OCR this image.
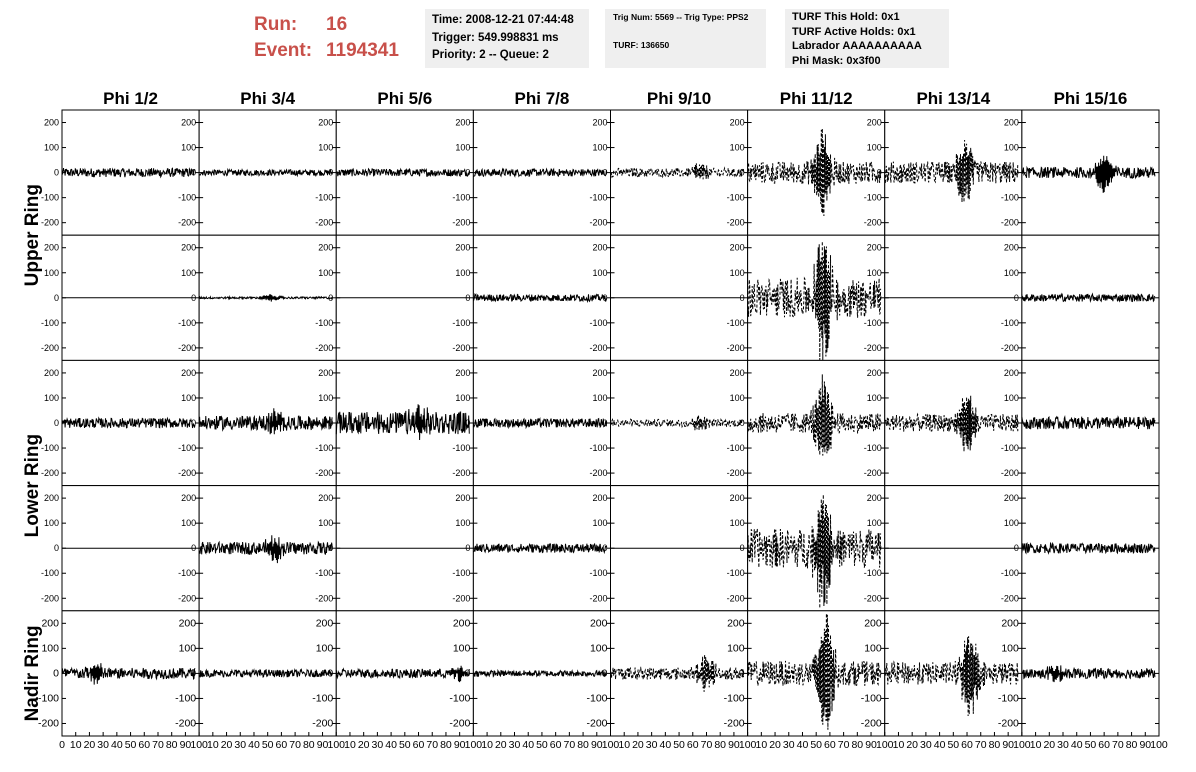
Run:	16
Event: 1194341
Time: 2008-12-21 07:44:48
Trigger: 549.998831 ms
Priority: 2 -- Queue: 2
Trig Num: 5569 -- Trig Type: PPS2
TURF: 136650
TURF This Hold: 0x1
TURF Active Holds: 0x1
Labrador AAAAAAAAAA
Phi Mask: 0x3f00
Phi 1/2	Phi 3/4	Phi 5/6	Phi 7/8	Phi 9/10	Phi 11/12	Phi 13/14	Phi 15/16
Upper Ring
Lower Ring
Nadir Ring
200
100
0
-100
-200
200
100
0
-100
-200
200
100
0
-100
-200
200
100
0
-100
-200
200
100
0
-100
-200
200
100
0
-100
-200
200
100
0
-100
-200
200
100
0
-100
-200
200
100
0
-100
-200
200
100
0
-100
-200
200
100
0
-100
-200
200
100
0
-100
-200
200
100
0
-100
-200
200
100
0
-100
-200
200
100
0
-100
-200
200
100
0
-100
-200
200
100
0
-100
-200
200
100
0
-100
-200
200
100
0
-100
-200
200
100
0
-100
-200
200
100
0
-100
-200
200
100
0
-100
-200
200
100
0
-100
-200
200
100
0
-100
-200
200
100
0
-100
-200
200
100
0
-100
-200
200
100
0
-100
-200
200
100
0
-100
-200
200
100
0
-100
-200
200
100
0
-100
-200
200
100
0
-100
-200
200
100
0
-100
-200
200
100
0
-100
-200
200
100
0
-100
-200
200
100
0
-100
-200
200
100
0
-100
-200
200
100
0
-100
-200
200
100
0
-100
-200
200
100
0
-100
-200
200
100
0
-100
-200
0 10 20 30 40 50 60 70 80 90 100 10 20 30 40 50 60 70 80 90 100 10 20 30 40 50 60 70 80 90 100 10 20 30 40 50 60 70 80 90 100 10 20 30 40 50 60 70 80 90 100 10 20 30 40 50 60 70 80 90 100 10 20 30 40 50 60 70 80 90 100 10 20 30 40 50 60 70 80 90 100
